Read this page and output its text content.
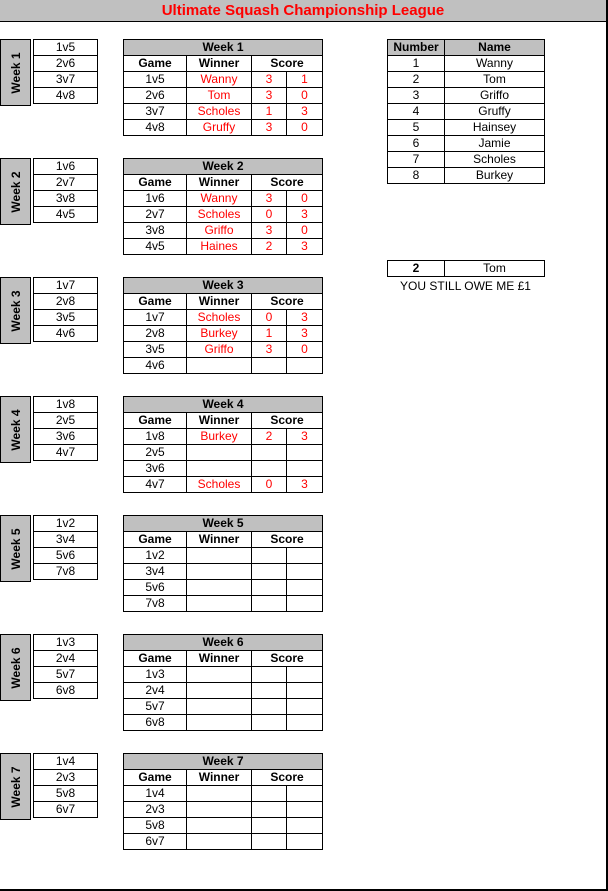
Ultimate Squash Championship League
Week 1
1v5
2v6
3v7
4v8
Week 1			
Game	Winner	Score	
1v5	Wanny	3	1
2v6	Tom	3	0
3v7	Scholes	1	3
4v8	Gruffy	3	0
Week 2
1v6
2v7
3v8
4v5
Week 2			
Game	Winner	Score	
1v6	Wanny	3	0
2v7	Scholes	0	3
3v8	Griffo	3	0
4v5	Haines	2	3
Week 3
1v7
2v8
3v5
4v6
Week 3			
Game	Winner	Score	
1v7	Scholes	0	3
2v8	Burkey	1	3
3v5	Griffo	3	0
4v6			
Week 4
1v8
2v5
3v6
4v7
Week 4			
Game	Winner	Score	
1v8	Burkey	2	3
2v5			
3v6			
4v7	Scholes	0	3
Week 5
1v2
3v4
5v6
7v8
Week 5			
Game	Winner	Score	
1v2			
3v4			
5v6			
7v8			
Week 6
1v3
2v4
5v7
6v8
Week 6			
Game	Winner	Score	
1v3			
2v4			
5v7			
6v8			
Week 7
1v4
2v3
5v8
6v7
Week 7			
Game	Winner	Score	
1v4			
2v3			
5v8			
6v7			
Number	Name
1	Wanny
2	Tom
3	Griffo
4	Gruffy
5	Hainsey
6	Jamie
7	Scholes
8	Burkey
2	Tom
YOU STILL OWE ME £1
